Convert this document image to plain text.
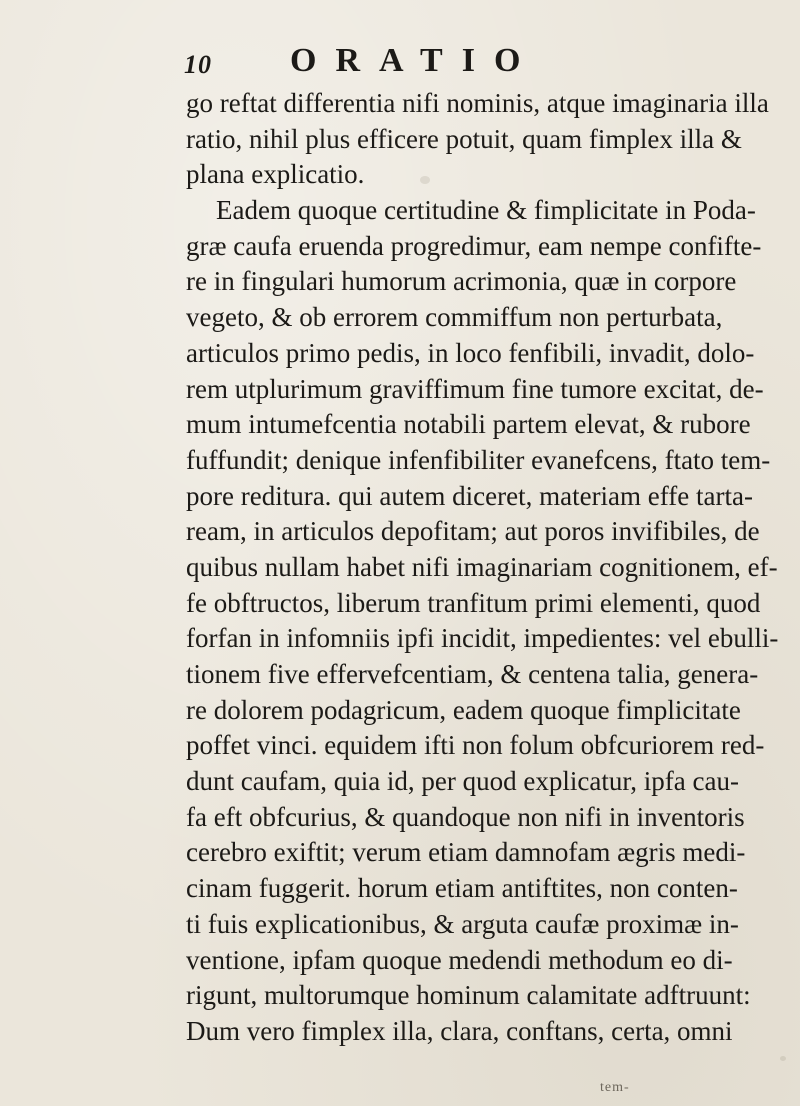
10 ORATIO
go reftat differentia nifi nominis, atque imaginaria illa
ratio, nihil plus efficere potuit, quam fimplex illa &
plana explicatio.
Eadem quoque certitudine & fimplicitate in Poda-
græ caufa eruenda progredimur, eam nempe confifte-
re in fingulari humorum acrimonia, quæ in corpore
vegeto, & ob errorem commiffum non perturbata,
articulos primo pedis, in loco fenfibili, invadit, dolo-
rem utplurimum graviffimum fine tumore excitat, de-
mum intumefcentia notabili partem elevat, & rubore
fuffundit; denique infenfibiliter evanefcens, ftato tem-
pore reditura. qui autem diceret, materiam effe tarta-
ream, in articulos depofitam; aut poros invifibiles, de
quibus nullam habet nifi imaginariam cognitionem, ef-
fe obftructos, liberum tranfitum primi elementi, quod
forfan in infomniis ipfi incidit, impedientes: vel ebulli-
tionem five effervefcentiam, & centena talia, genera-
re dolorem podagricum, eadem quoque fimplicitate
poffet vinci. equidem ifti non folum obfcuriorem red-
dunt caufam, quia id, per quod explicatur, ipfa cau-
fa eft obfcurius, & quandoque non nifi in inventoris
cerebro exiftit; verum etiam damnofam ægris medi-
cinam fuggerit. horum etiam antiftites, non conten-
ti fuis explicationibus, & arguta caufæ proximæ in-
ventione, ipfam quoque medendi methodum eo di-
rigunt, multorumque hominum calamitate adftruunt:
Dum vero fimplex illa, clara, conftans, certa, omni
tem-
